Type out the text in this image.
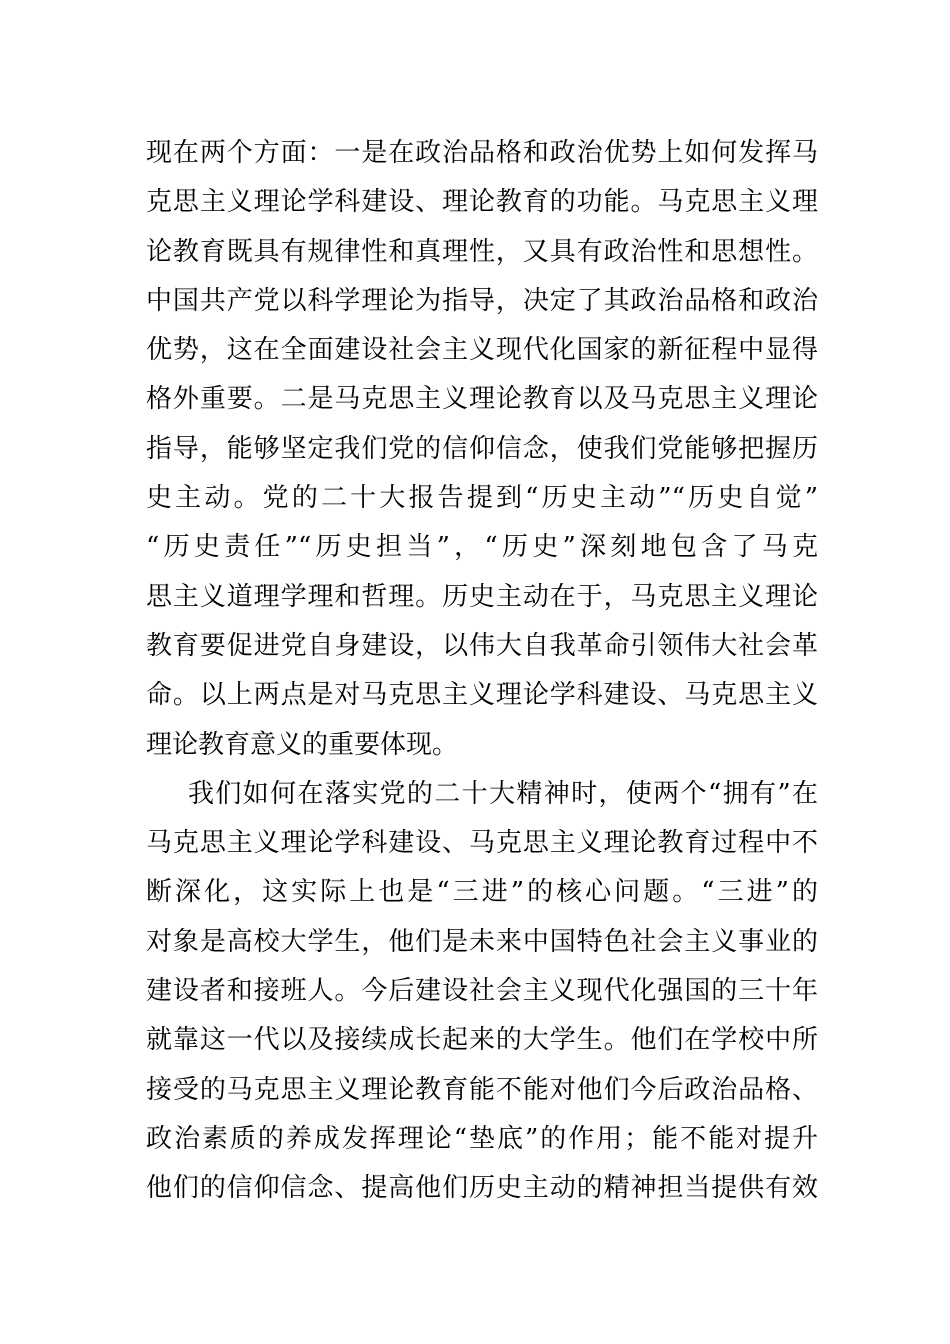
现在两个方面：一是在政治品格和政治优势上如何发挥马
克思主义理论学科建设、理论教育的功能。马克思主义理
论教育既具有规律性和真理性，又具有政治性和思想性。
中国共产党以科学理论为指导，决定了其政治品格和政治
优势，这在全面建设社会主义现代化国家的新征程中显得
格外重要。二是马克思主义理论教育以及马克思主义理论
指导，能够坚定我们党的信仰信念，使我们党能够把握历
史主动。党的二十大报告提到“历史主动”“历史自觉”
“历史责任”“历史担当”，“历史”深刻地包含了马克
思主义道理学理和哲理。历史主动在于，马克思主义理论
教育要促进党自身建设，以伟大自我革命引领伟大社会革
命。以上两点是对马克思主义理论学科建设、马克思主义
理论教育意义的重要体现。
我们如何在落实党的二十大精神时，使两个“拥有”在
马克思主义理论学科建设、马克思主义理论教育过程中不
断深化，这实际上也是“三进”的核心问题。“三进”的
对象是高校大学生，他们是未来中国特色社会主义事业的
建设者和接班人。今后建设社会主义现代化强国的三十年
就靠这一代以及接续成长起来的大学生。他们在学校中所
接受的马克思主义理论教育能不能对他们今后政治品格、
政治素质的养成发挥理论“垫底”的作用；能不能对提升
他们的信仰信念、提高他们历史主动的精神担当提供有效
